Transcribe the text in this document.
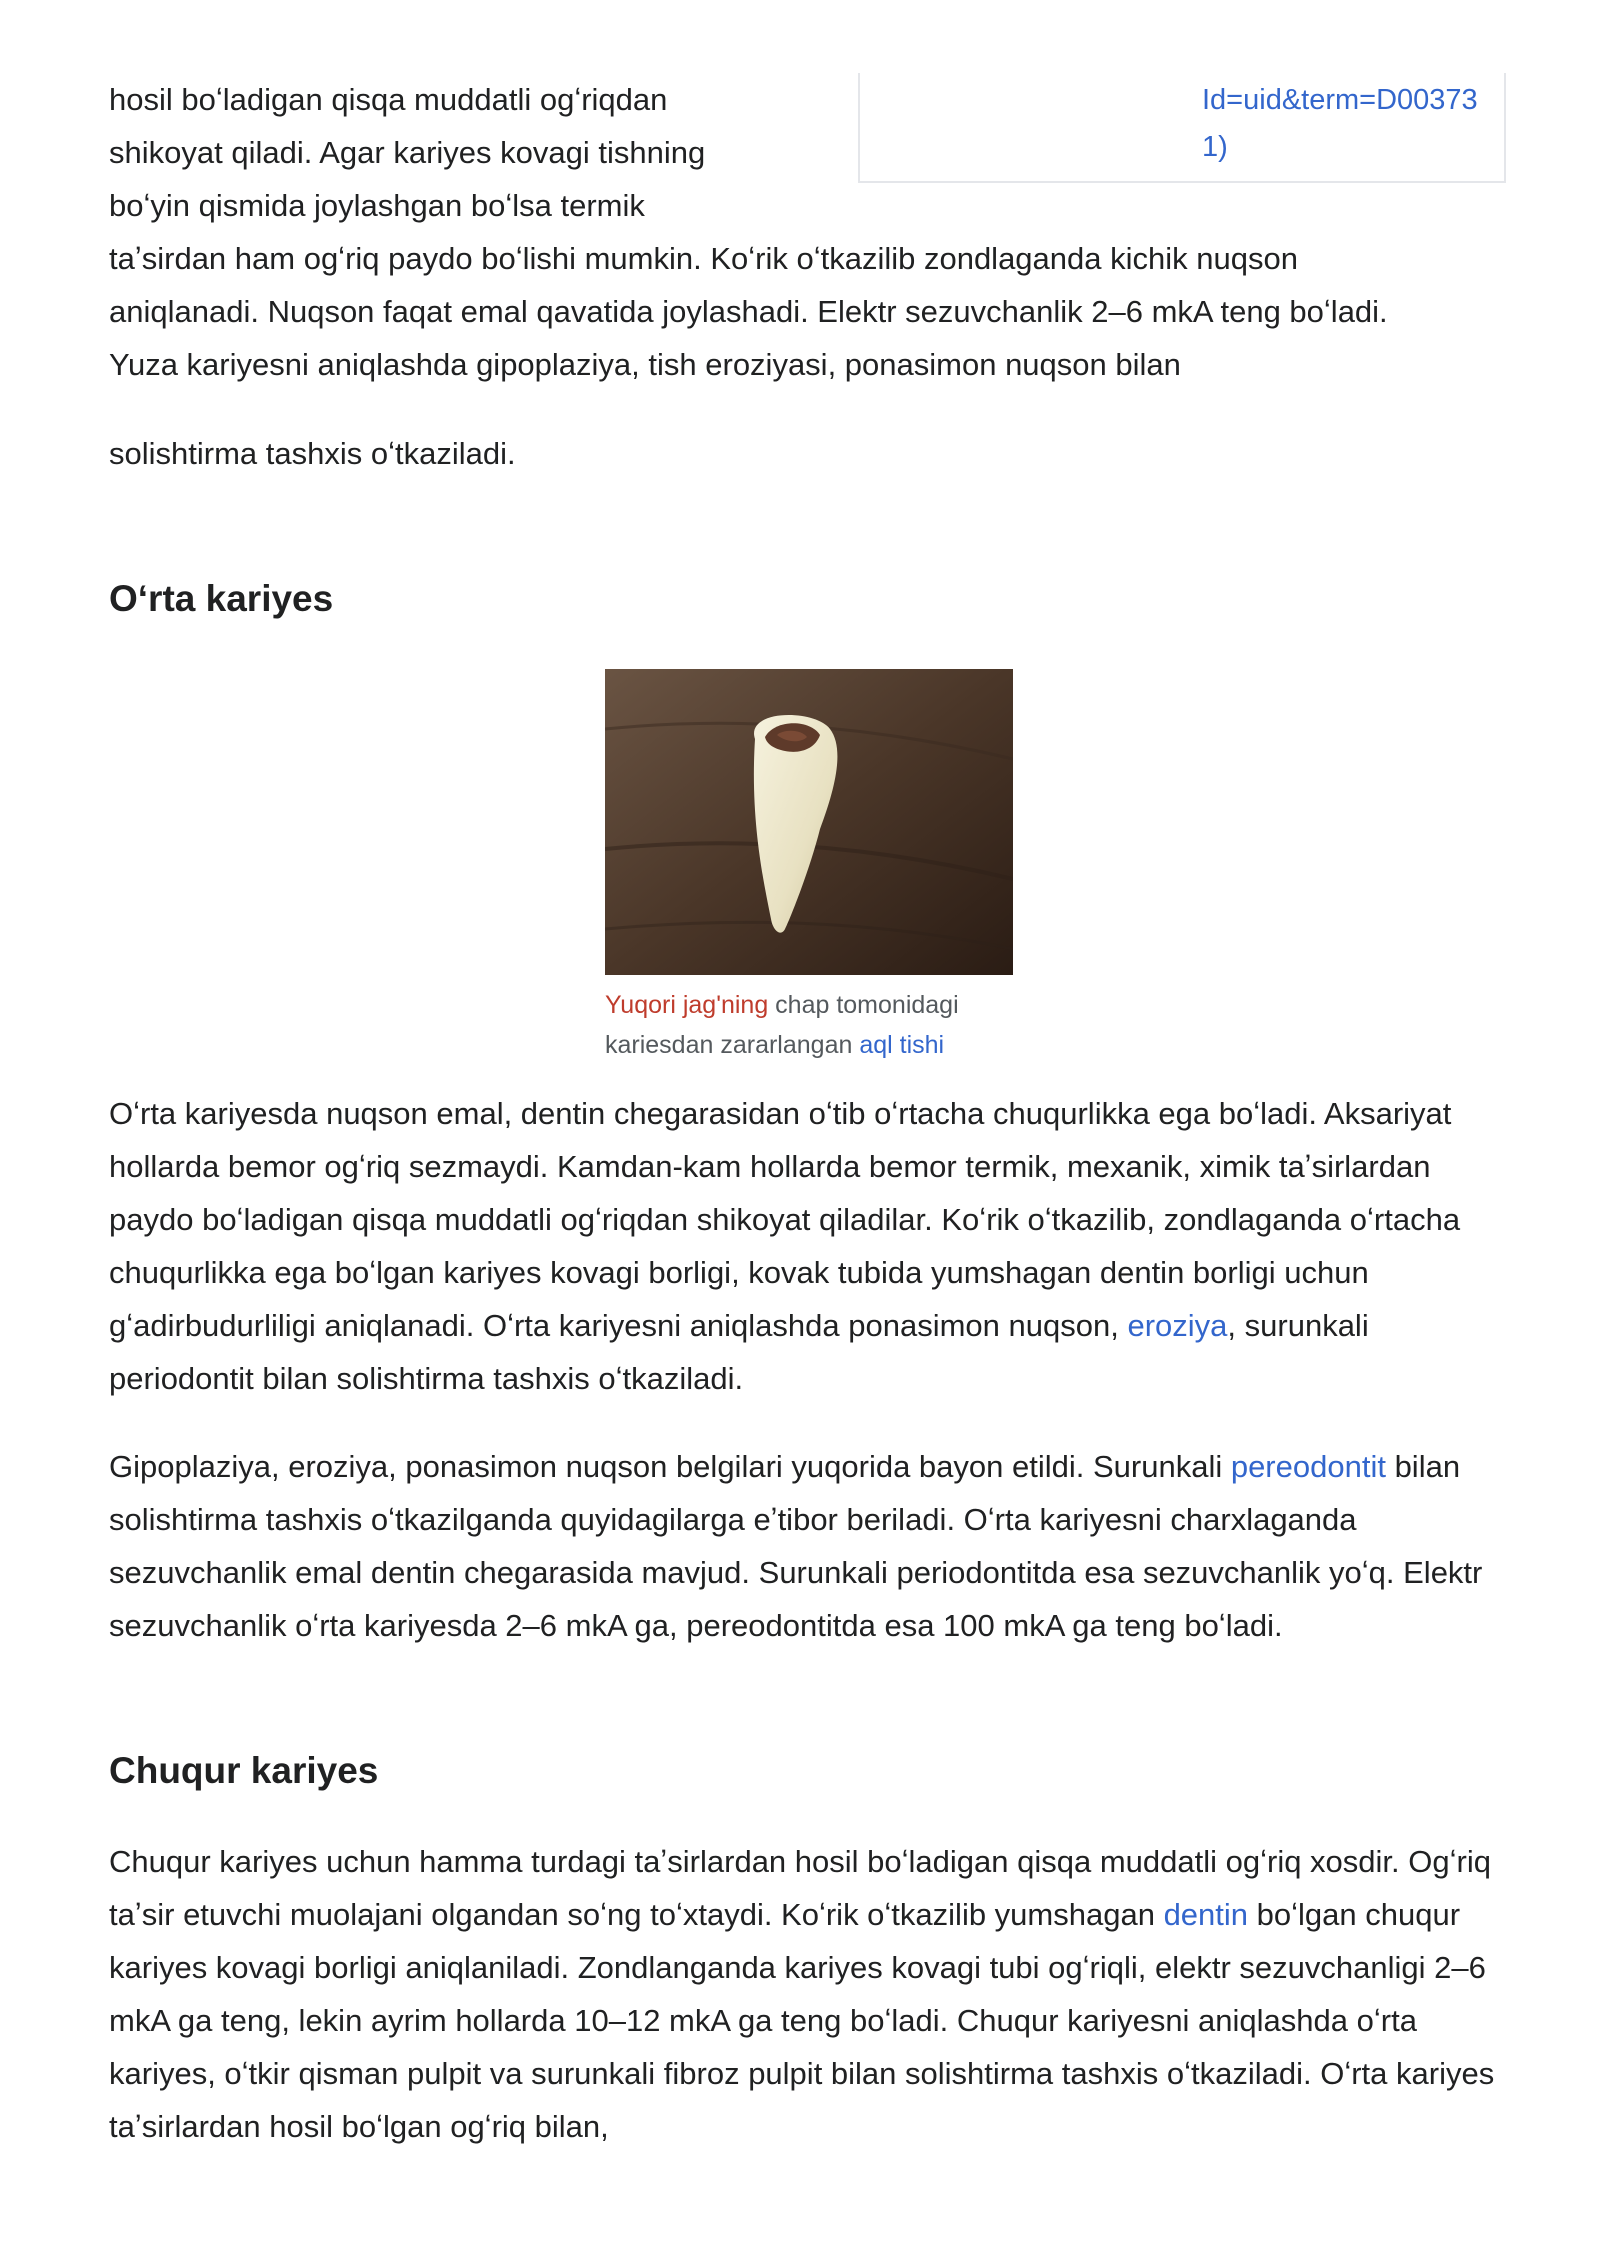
Id=uid&term=D003731)

hosil boʻladigan qisqa muddatli ogʻriqdan

shikoyat qiladi. Agar kariyes kovagi tishning

boʻyin qismida joylashgan boʻlsa termik

taʼsirdan ham ogʻriq paydo boʻlishi mumkin. Koʻrik oʻtkazilib zondlaganda kichik nuqson

aniqlanadi. Nuqson faqat emal qavatida joylashadi. Elektr sezuvchanlik 2–6 mkA teng boʻladi.

Yuza kariyesni aniqlashda gipoplaziya, tish eroziyasi, ponasimon nuqson bilan

solishtirma tashxis oʻtkaziladi.

Oʻrta kariyes
Yuqori jag'ning chap tomonidagi kariesdan zararlangan aql tishi

Oʻrta kariyesda nuqson emal, dentin chegarasidan oʻtib oʻrtacha chuqurlikka ega boʻladi. Aksariyat hollarda bemor ogʻriq sezmaydi. Kamdan-kam hollarda bemor termik, mexanik, ximik taʼsirlardan paydo boʻladigan qisqa muddatli ogʻriqdan shikoyat qiladilar. Koʻrik oʻtkazilib, zondlaganda oʻrtacha chuqurlikka ega boʻlgan kariyes kovagi borligi, kovak tubida yumshagan dentin borligi uchun gʻadirbudurliligi aniqlanadi. Oʻrta kariyesni aniqlashda ponasimon nuqson, eroziya, surunkali periodontit bilan solishtirma tashxis oʻtkaziladi.

Gipoplaziya, eroziya, ponasimon nuqson belgilari yuqorida bayon etildi. Surunkali pereodontit bilan solishtirma tashxis oʻtkazilganda quyidagilarga eʼtibor beriladi. Oʻrta kariyesni charxlaganda sezuvchanlik emal dentin chegarasida mavjud. Surunkali periodontitda esa sezuvchanlik yoʻq. Elektr sezuvchanlik oʻrta kariyesda 2–6 mkA ga, pereodontitda esa 100 mkA ga teng boʻladi.

Chuqur kariyes

Chuqur kariyes uchun hamma turdagi taʼsirlardan hosil boʻladigan qisqa muddatli ogʻriq xosdir. Ogʻriq taʼsir etuvchi muolajani olgandan soʻng toʻxtaydi. Koʻrik oʻtkazilib yumshagan dentin boʻlgan chuqur kariyes kovagi borligi aniqlaniladi. Zondlanganda kariyes kovagi tubi ogʻriqli, elektr sezuvchanligi 2–6 mkA ga teng, lekin ayrim hollarda 10–12 mkA ga teng boʻladi. Chuqur kariyesni aniqlashda oʻrta kariyes, oʻtkir qisman pulpit va surunkali fibroz pulpit bilan solishtirma tashxis oʻtkaziladi. Oʻrta kariyes taʼsirlardan hosil boʻlgan ogʻriq bilan,
